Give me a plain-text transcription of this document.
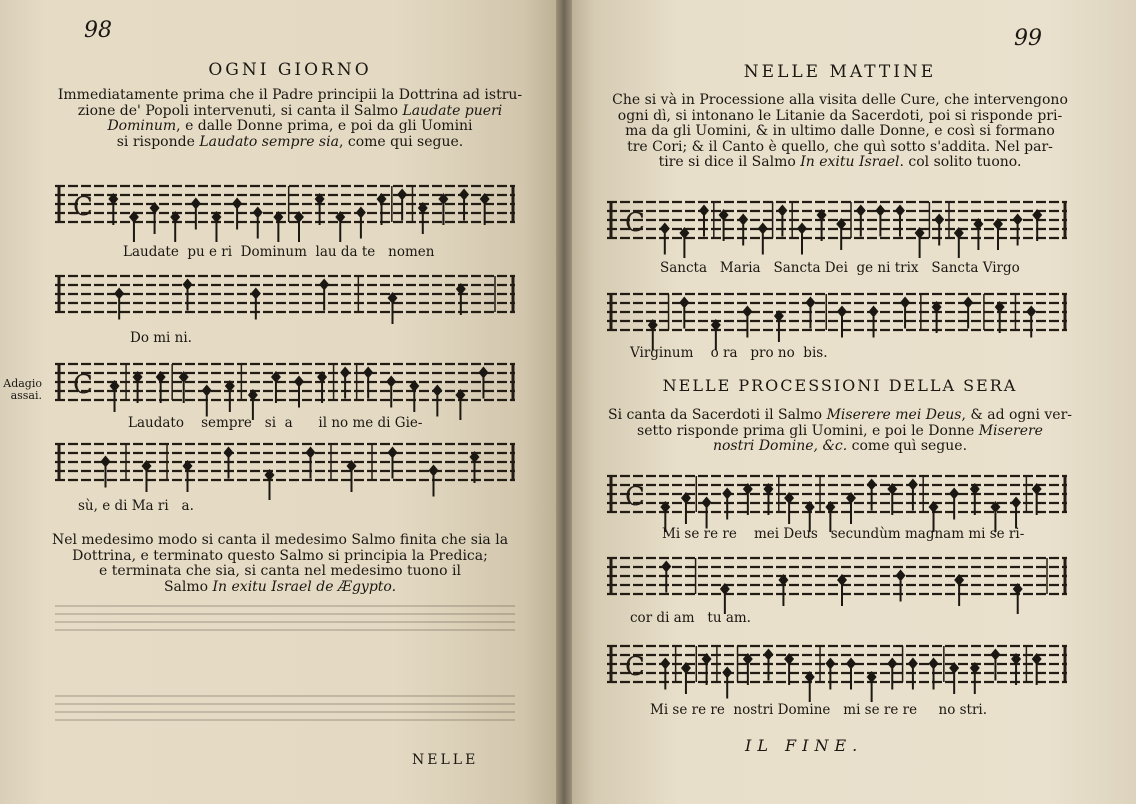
98
OGNI GIORNO
Immediatamente prima che il Padre principii la Dottrina ad istru-
zione de' Popoli intervenuti, si canta il Salmo Laudate pueri
Dominum, e dalle Donne prima, e poi da gli Uomini
si risponde Laudato sempre sia, come qui segue.
C
Laudate  pu e ri  Dominum  lau da te   nomen
Do mi ni.
Adagio
assai. C
Laudato    sempre   si  a      il no me di Gie-
sù, e di Ma ri   a.
Nel medesimo modo si canta il medesimo Salmo finita che sia la
Dottrina, e terminato questo Salmo si principia la Predica;
e terminata che sia, si canta nel medesimo tuono il
Salmo In exitu Israel de Ægypto.
NELLE
99
NELLE MATTINE
Che si và in Processione alla visita delle Cure, che intervengono
ogni dì, si intonano le Litanie da Sacerdoti, poi si risponde pri-
ma da gli Uomini, & in ultimo dalle Donne, e così si formano
tre Cori; & il Canto è quello, che quì sotto s'addita. Nel par-
tire si dice il Salmo In exitu Israel. col solito tuono.
C
Sancta   Maria   Sancta Dei  ge ni trix   Sancta Virgo
Virginum    o ra   pro no  bis.
NELLE PROCESSIONI DELLA SERA
Si canta da Sacerdoti il Salmo Miserere mei Deus, & ad ogni ver-
setto risponde prima gli Uomini, e poi le Donne Miserere
nostri Domine, &c. come quì segue.
C
Mi se re re    mei Deus   secundùm magnam mi se ri-
cor di am   tu am.
C
Mi se re re  nostri Domine   mi se re re     no stri.
IL FINE.
